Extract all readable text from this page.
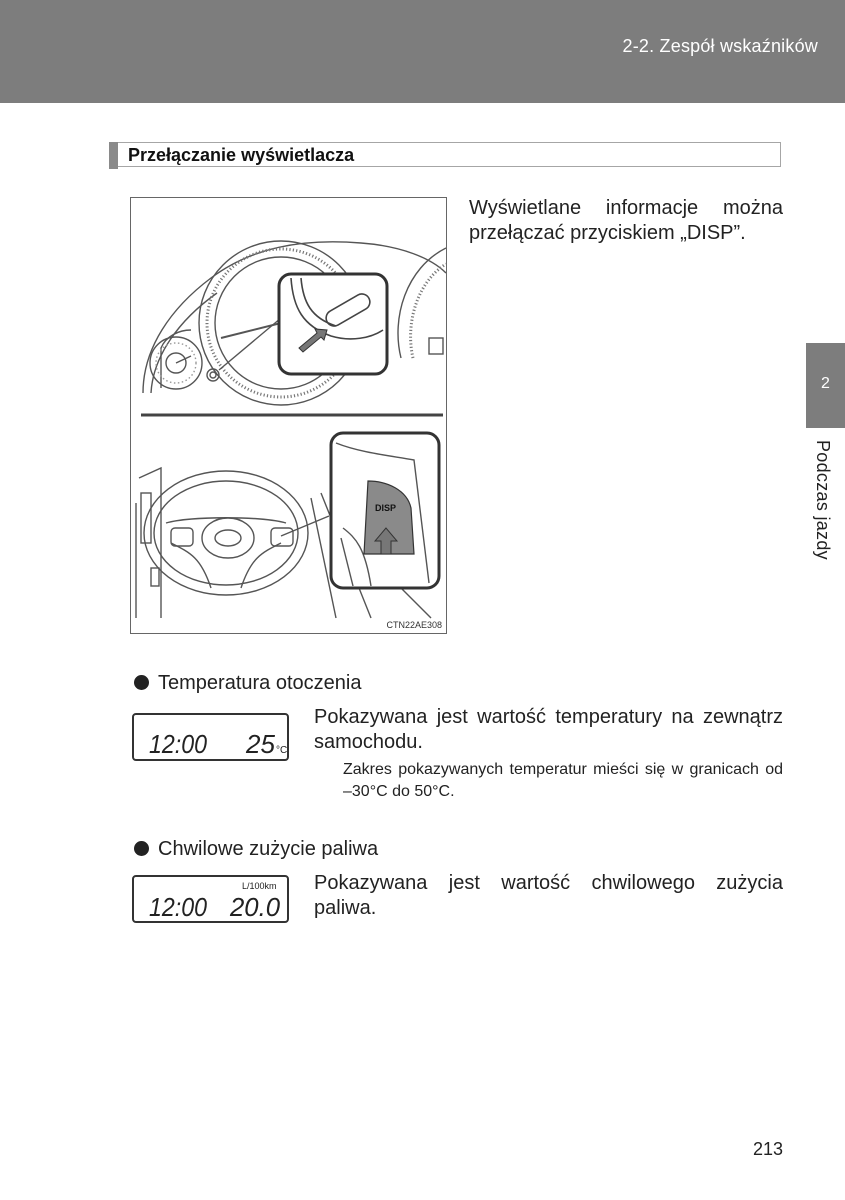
2-2. Zespół wskaźników
Przełączanie wyświetlacza
DISP
CTN22AE308
Wyświetlane informacje można przełączać przyciskiem „DISP”.
Temperatura otoczenia
12:00 25 °C
Pokazywana jest wartość temperatury na zewnątrz samochodu.
Zakres pokazywanych temperatur mieści się w granicach od –30°C do 50°C.
Chwilowe zużycie paliwa
L/100km
12:00 20.0
Pokazywana jest wartość chwilowego zużycia paliwa.
2
Podczas jazdy
213
